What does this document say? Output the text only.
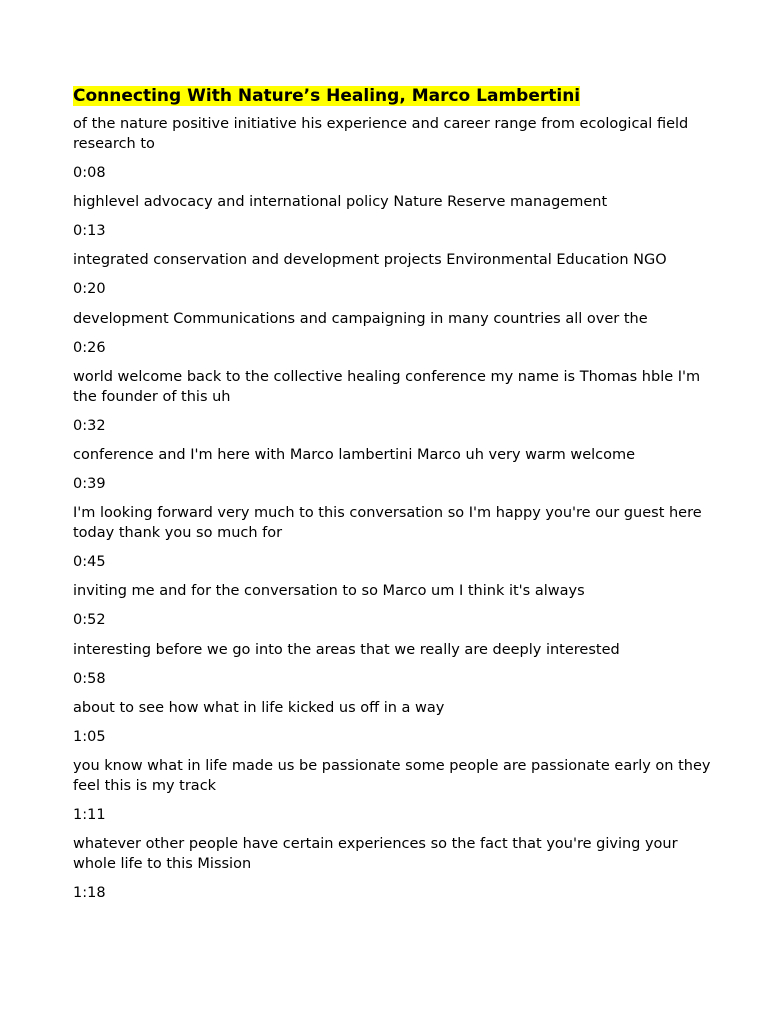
Connecting With Nature’s Healing, Marco Lambertini
of the nature positive initiative his experience and career range from ecological field research to
0:08
highlevel advocacy and international policy Nature Reserve management
0:13
integrated conservation and development projects Environmental Education NGO
0:20
development Communications and campaigning in many countries all over the
0:26
world welcome back to the collective healing conference my name is Thomas hble I'm the founder of this uh
0:32
conference and I'm here with Marco lambertini Marco uh very warm welcome
0:39
I'm looking forward very much to this conversation so I'm happy you're our guest here today thank you so much for
0:45
inviting me and for the conversation to so Marco um I think it's always
0:52
interesting before we go into the areas that we really are deeply interested
0:58
about to see how what in life kicked us off in a way
1:05
you know what in life made us be passionate some people are passionate early on they feel this is my track
1:11
whatever other people have certain experiences so the fact that you're giving your whole life to this Mission
1:18
